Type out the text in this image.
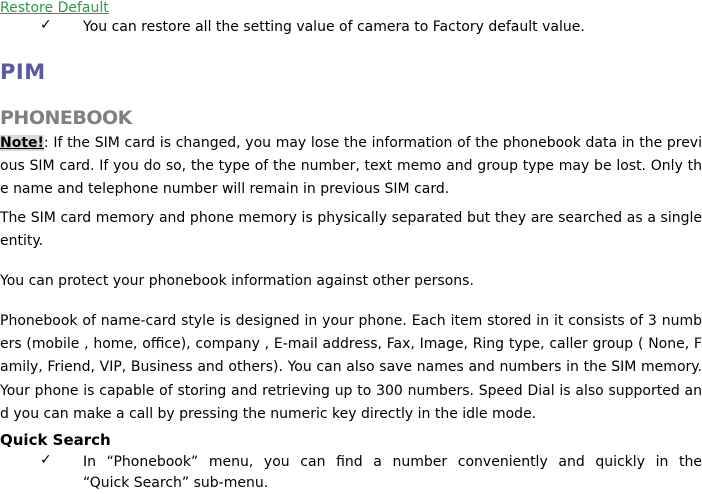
Restore Default
✓ You can restore all the setting value of camera to Factory default value.
PIM
PHONEBOOK
Note!: If the SIM card is changed, you may lose the information of the phonebook data in the previous SIM card. If you do so, the type of the number, text memo and group type may be lost. Only the name and telephone number will remain in previous SIM card.
The SIM card memory and phone memory is physically separated but they are searched as a single entity.
You can protect your phonebook information against other persons.
Phonebook of name-card style is designed in your phone. Each item stored in it consists of 3 numbers (mobile , home, office), company , E-mail address, Fax, Image, Ring type, caller group ( None, Family, Friend, VIP, Business and others). You can also save names and numbers in the SIM memory. Your phone is capable of storing and retrieving up to 300 numbers. Speed Dial is also supported and you can make a call by pressing the numeric key directly in the idle mode.
Quick Search
✓ In “Phonebook” menu, you can find a number conveniently and quickly in the
“Quick Search” sub-menu.
